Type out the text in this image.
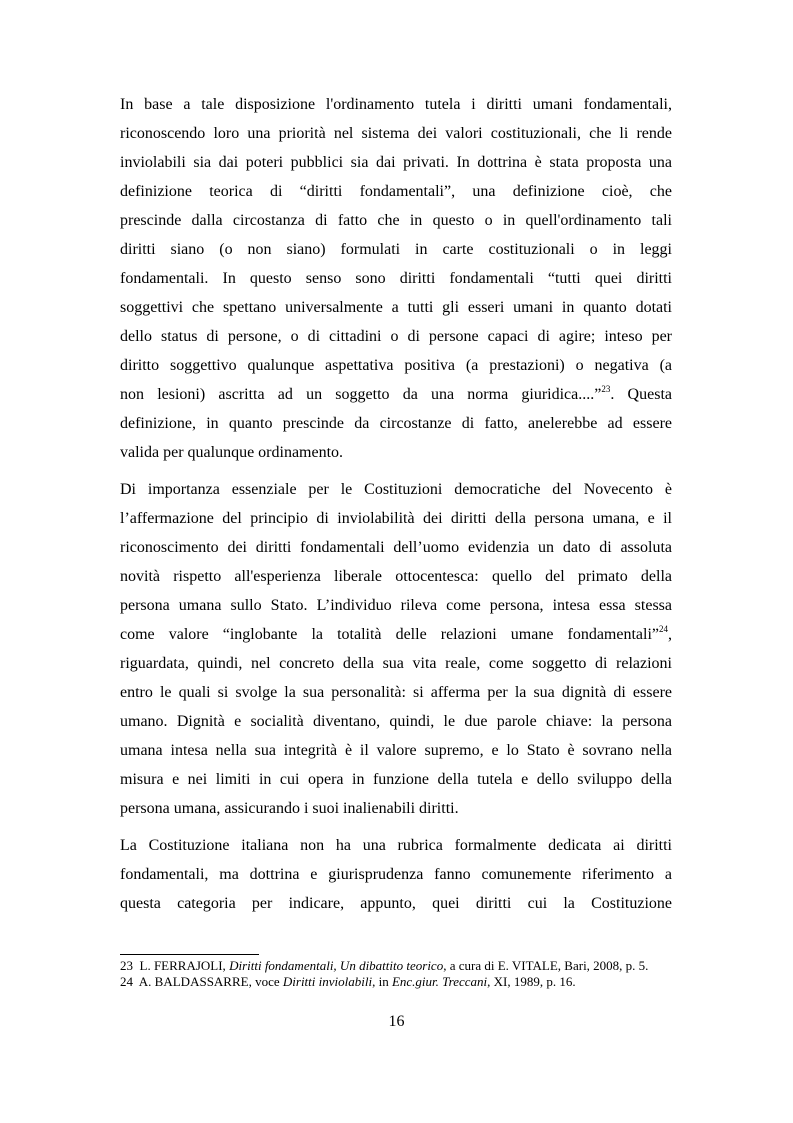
In base a tale disposizione l'ordinamento tutela i diritti umani fondamentali,
riconoscendo loro una priorità nel sistema dei valori costituzionali, che li rende
inviolabili sia dai poteri pubblici sia dai privati. In dottrina è stata proposta una
definizione teorica di “diritti fondamentali”, una definizione cioè, che
prescinde dalla circostanza di fatto che in questo o in quell'ordinamento tali
diritti siano (o non siano) formulati in carte costituzionali o in leggi
fondamentali. In questo senso sono diritti fondamentali “tutti quei diritti
soggettivi che spettano universalmente a tutti gli esseri umani in quanto dotati
dello status di persone, o di cittadini o di persone capaci di agire; inteso per
diritto soggettivo qualunque aspettativa positiva (a prestazioni) o negativa (a
non lesioni) ascritta ad un soggetto da una norma giuridica....”$^{23}$. Questa
definizione, in quanto prescinde da circostanze di fatto, anelerebbe ad essere
valida per qualunque ordinamento.

Di importanza essenziale per le Costituzioni democratiche del Novecento è
l’affermazione del principio di inviolabilità dei diritti della persona umana, e il
riconoscimento dei diritti fondamentali dell’uomo evidenzia un dato di assoluta
novità rispetto all'esperienza liberale ottocentesca: quello del primato della
persona umana sullo Stato. L’individuo rileva come persona, intesa essa stessa
come valore “inglobante la totalità delle relazioni umane fondamentali”$^{24}$,
riguardata, quindi, nel concreto della sua vita reale, come soggetto di relazioni
entro le quali si svolge la sua personalità: si afferma per la sua dignità di essere
umano. Dignità e socialità diventano, quindi, le due parole chiave: la persona
umana intesa nella sua integrità è il valore supremo, e lo Stato è sovrano nella
misura e nei limiti in cui opera in funzione della tutela e dello sviluppo della
persona umana, assicurando i suoi inalienabili diritti.

La Costituzione italiana non ha una rubrica formalmente dedicata ai diritti
fondamentali, ma dottrina e giurisprudenza fanno comunemente riferimento a
questa categoria per indicare, appunto, quei diritti cui la Costituzione

23 L. FERRAJOLI, Diritti fondamentali, Un dibattito teorico, a cura di E. VITALE, Bari, 2008, p. 5.
24 A. BALDASSARRE, voce Diritti inviolabili, in Enc.giur. Treccani, XI, 1989, p. 16.
16
